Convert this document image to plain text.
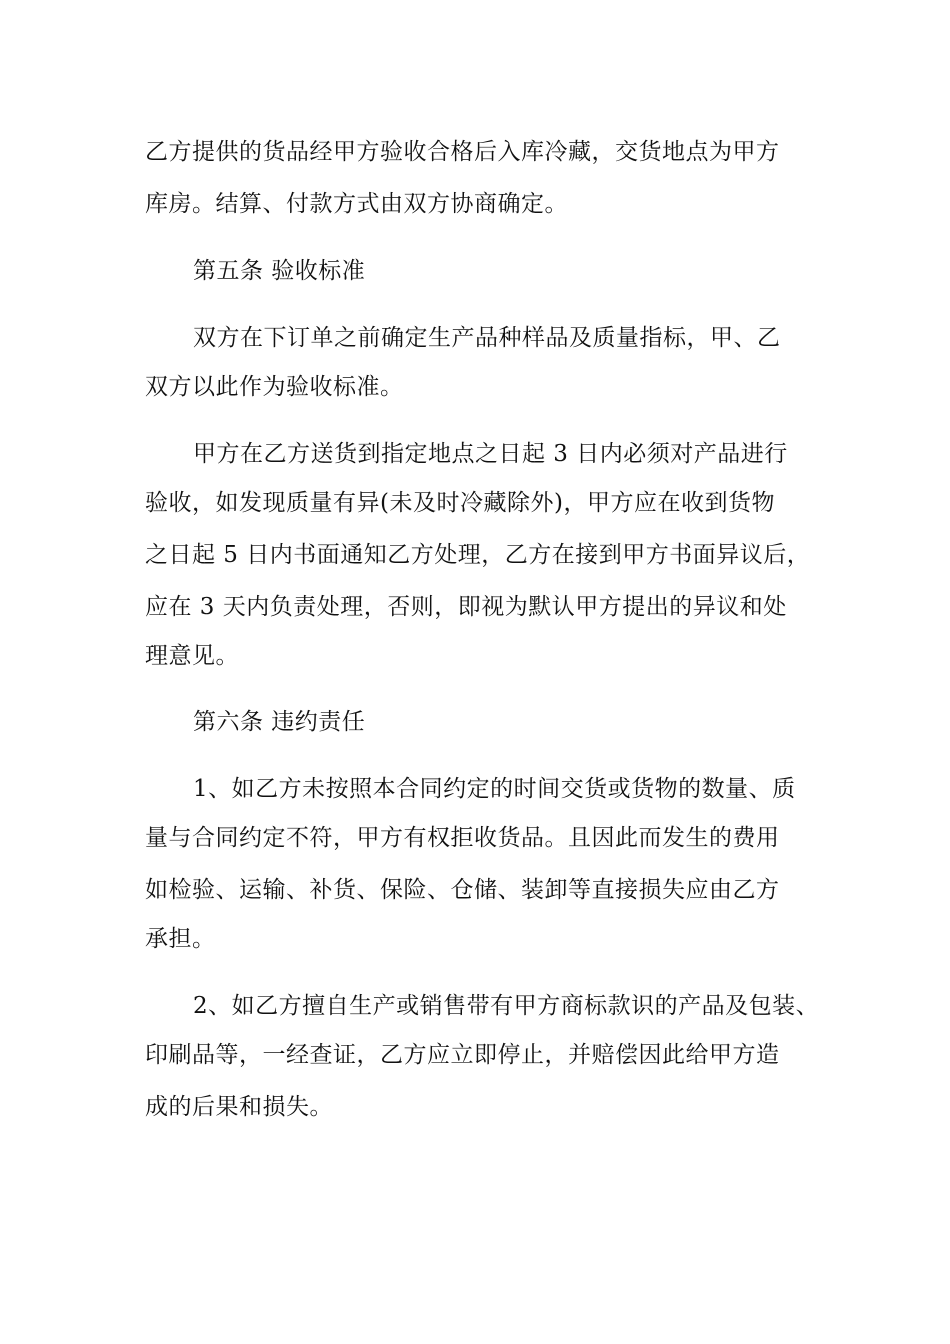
乙方提供的货品经甲方验收合格后入库冷藏，交货地点为甲方
库房。结算、付款方式由双方协商确定。
第五条 验收标准
双方在下订单之前确定生产品种样品及质量指标，甲、乙
双方以此作为验收标准。
甲方在乙方送货到指定地点之日起 3 日内必须对产品进行
验收，如发现质量有异(未及时冷藏除外)，甲方应在收到货物
之日起 5 日内书面通知乙方处理，乙方在接到甲方书面异议后，
应在 3 天内负责处理，否则，即视为默认甲方提出的异议和处
理意见。
第六条 违约责任
1、如乙方未按照本合同约定的时间交货或货物的数量、质
量与合同约定不符，甲方有权拒收货品。且因此而发生的费用
如检验、运输、补货、保险、仓储、装卸等直接损失应由乙方
承担。
2、如乙方擅自生产或销售带有甲方商标款识的产品及包装、
印刷品等，一经查证，乙方应立即停止，并赔偿因此给甲方造
成的后果和损失。
